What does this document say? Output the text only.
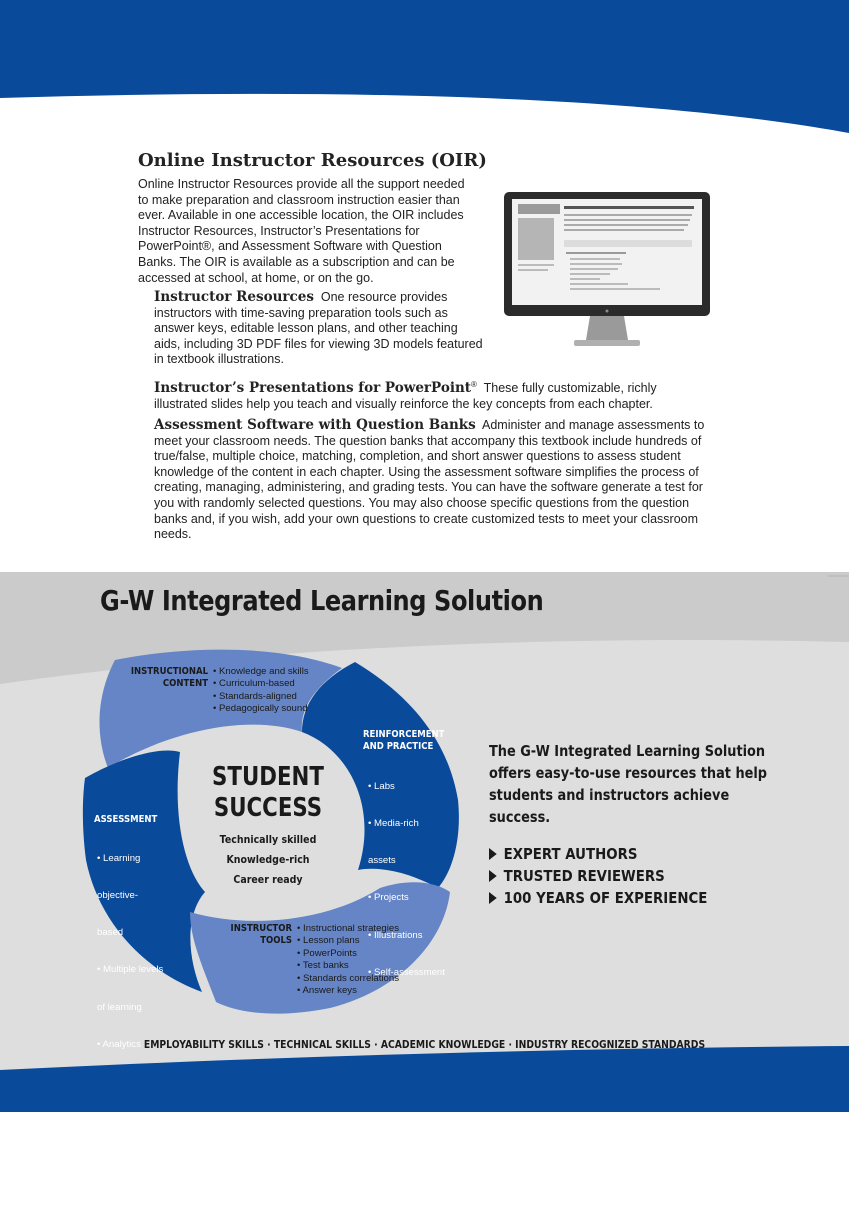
Online Instructor Resources (OIR)
Online Instructor Resources provide all the support needed to make preparation and classroom instruction easier than ever. Available in one accessible location, the OIR includes Instructor Resources, Instructor’s Presentations for PowerPoint®, and Assessment Software with Question Banks. The OIR is available as a subscription and can be accessed at school, at home, or on the go.
Instructor Resources One resource provides instructors with time-saving preparation tools such as answer keys, editable lesson plans, and other teaching aids, including 3D PDF files for viewing 3D models featured in textbook illustrations.
Instructor’s Presentations for PowerPoint® These fully customizable, richly illustrated slides help you teach and visually reinforce the key concepts from each chapter.
Assessment Software with Question Banks Administer and manage assessments to meet your classroom needs. The question banks that accompany this textbook include hundreds of true/false, multiple choice, matching, completion, and short answer questions to assess student knowledge of the content in each chapter. Using the assessment software simplifies the process of creating, managing, administering, and grading tests. You can have the software generate a test for you with randomly selected questions. You may also choose specific questions from the question banks and, if you wish, add your own questions to create customized tests to meet your classroom needs.
G-W Integrated Learning Solution
INSTRUCTIONAL
CONTENT
• Knowledge and skills
• Curriculum-based
• Standards-aligned
• Pedagogically sound
REINFORCEMENT
AND PRACTICE

• Labs

• Media-rich

assets

• Projects

• Illustrations

• Self-assessment

ASSESSMENT

• Learning

objective-

based

• Multiple levels

of learning

• Analytics

• Formative

and summative

assessments

INSTRUCTOR
TOOLS
• Instructional strategies
• Lesson plans
• PowerPoints
• Test banks
• Standards correlations
• Answer keys
STUDENT
SUCCESS
Technically skilled
Knowledge-rich
Career ready
The G-W Integrated Learning Solution offers easy-to-use resources that help students and instructors achieve success.
EXPERT AUTHORS
TRUSTED REVIEWERS
100 YEARS OF EXPERIENCE
EMPLOYABILITY SKILLS · TECHNICAL SKILLS · ACADEMIC KNOWLEDGE · INDUSTRY RECOGNIZED STANDARDS
